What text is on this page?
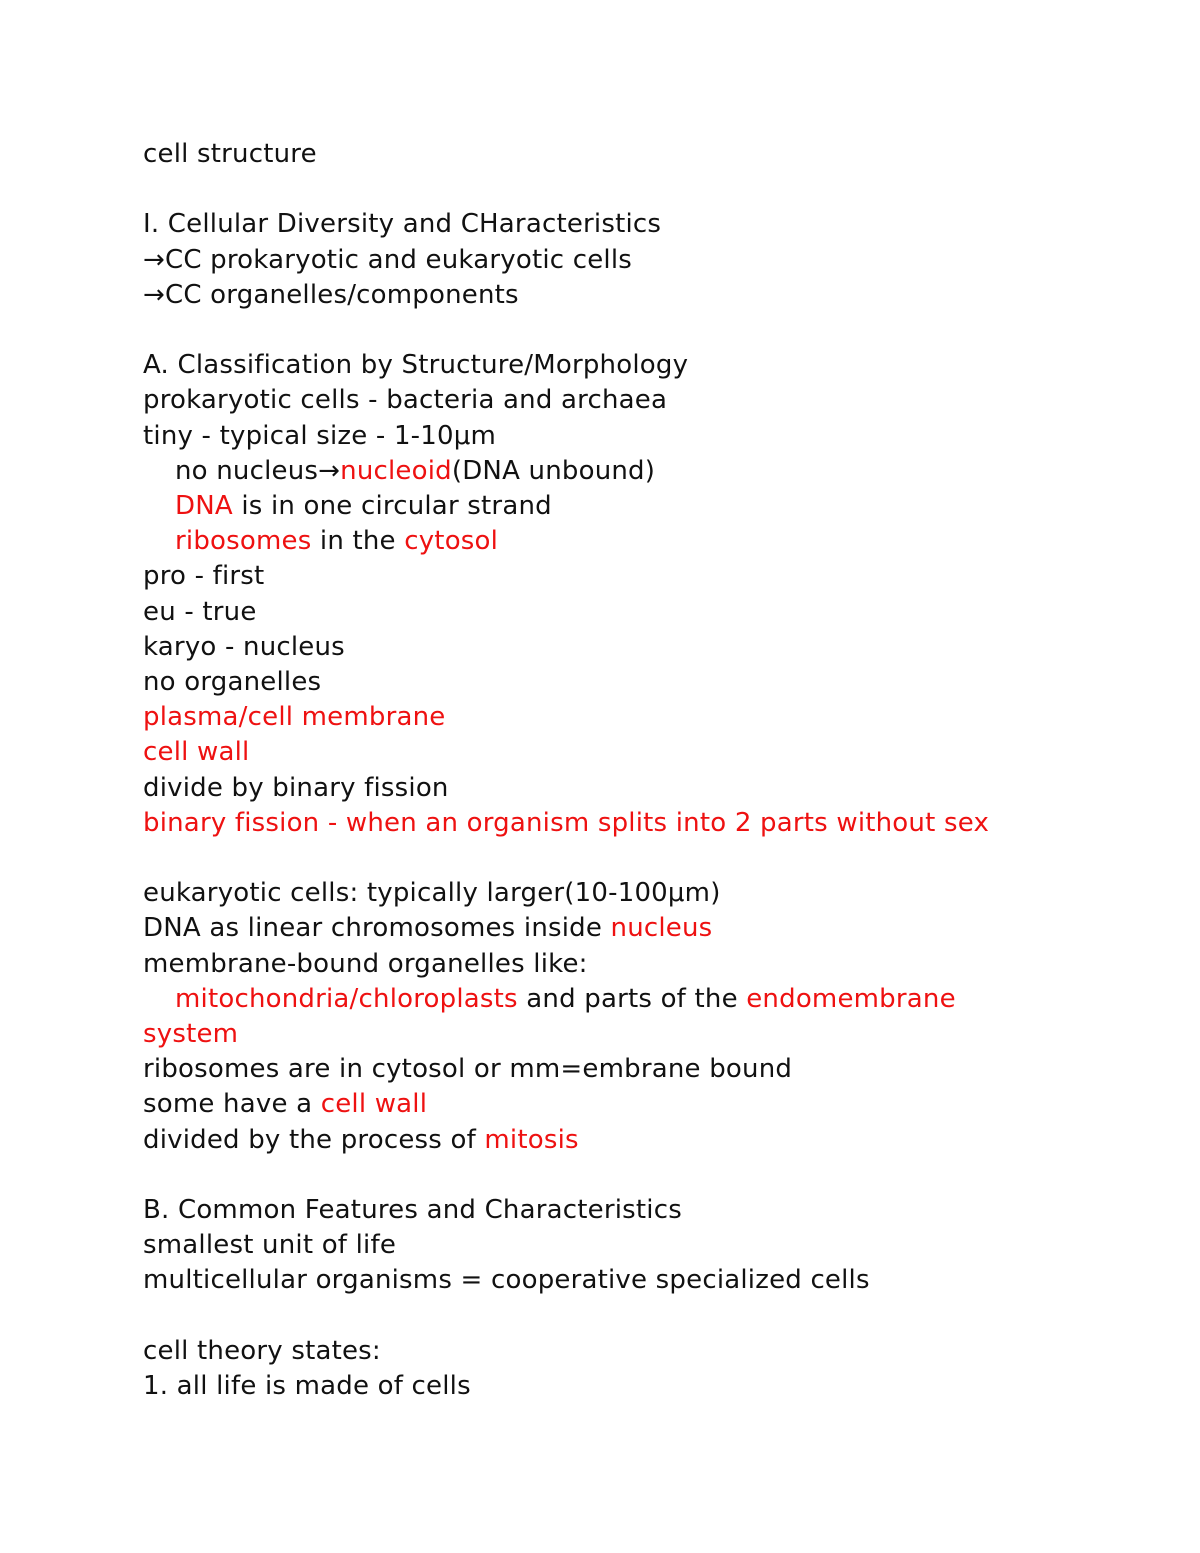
cell structure

I. Cellular Diversity and CHaracteristics

→CC prokaryotic and eukaryotic cells

→CC organelles/components

A. Classification by Structure/Morphology

prokaryotic cells - bacteria and archaea

tiny - typical size - 1-10μm

no nucleus→nucleoid(DNA unbound)

DNA is in one circular strand

ribosomes in the cytosol

pro - first

eu - true

karyo - nucleus

no organelles

plasma/cell membrane

cell wall

divide by binary fission

binary fission - when an organism splits into 2 parts without sex

eukaryotic cells: typically larger(10-100μm)

DNA as linear chromosomes inside nucleus

membrane-bound organelles like:

mitochondria/chloroplasts and parts of the endomembrane

system

ribosomes are in cytosol or mm=embrane bound

some have a cell wall

divided by the process of mitosis

B. Common Features and Characteristics

smallest unit of life

multicellular organisms = cooperative specialized cells

cell theory states:

1. all life is made of cells
